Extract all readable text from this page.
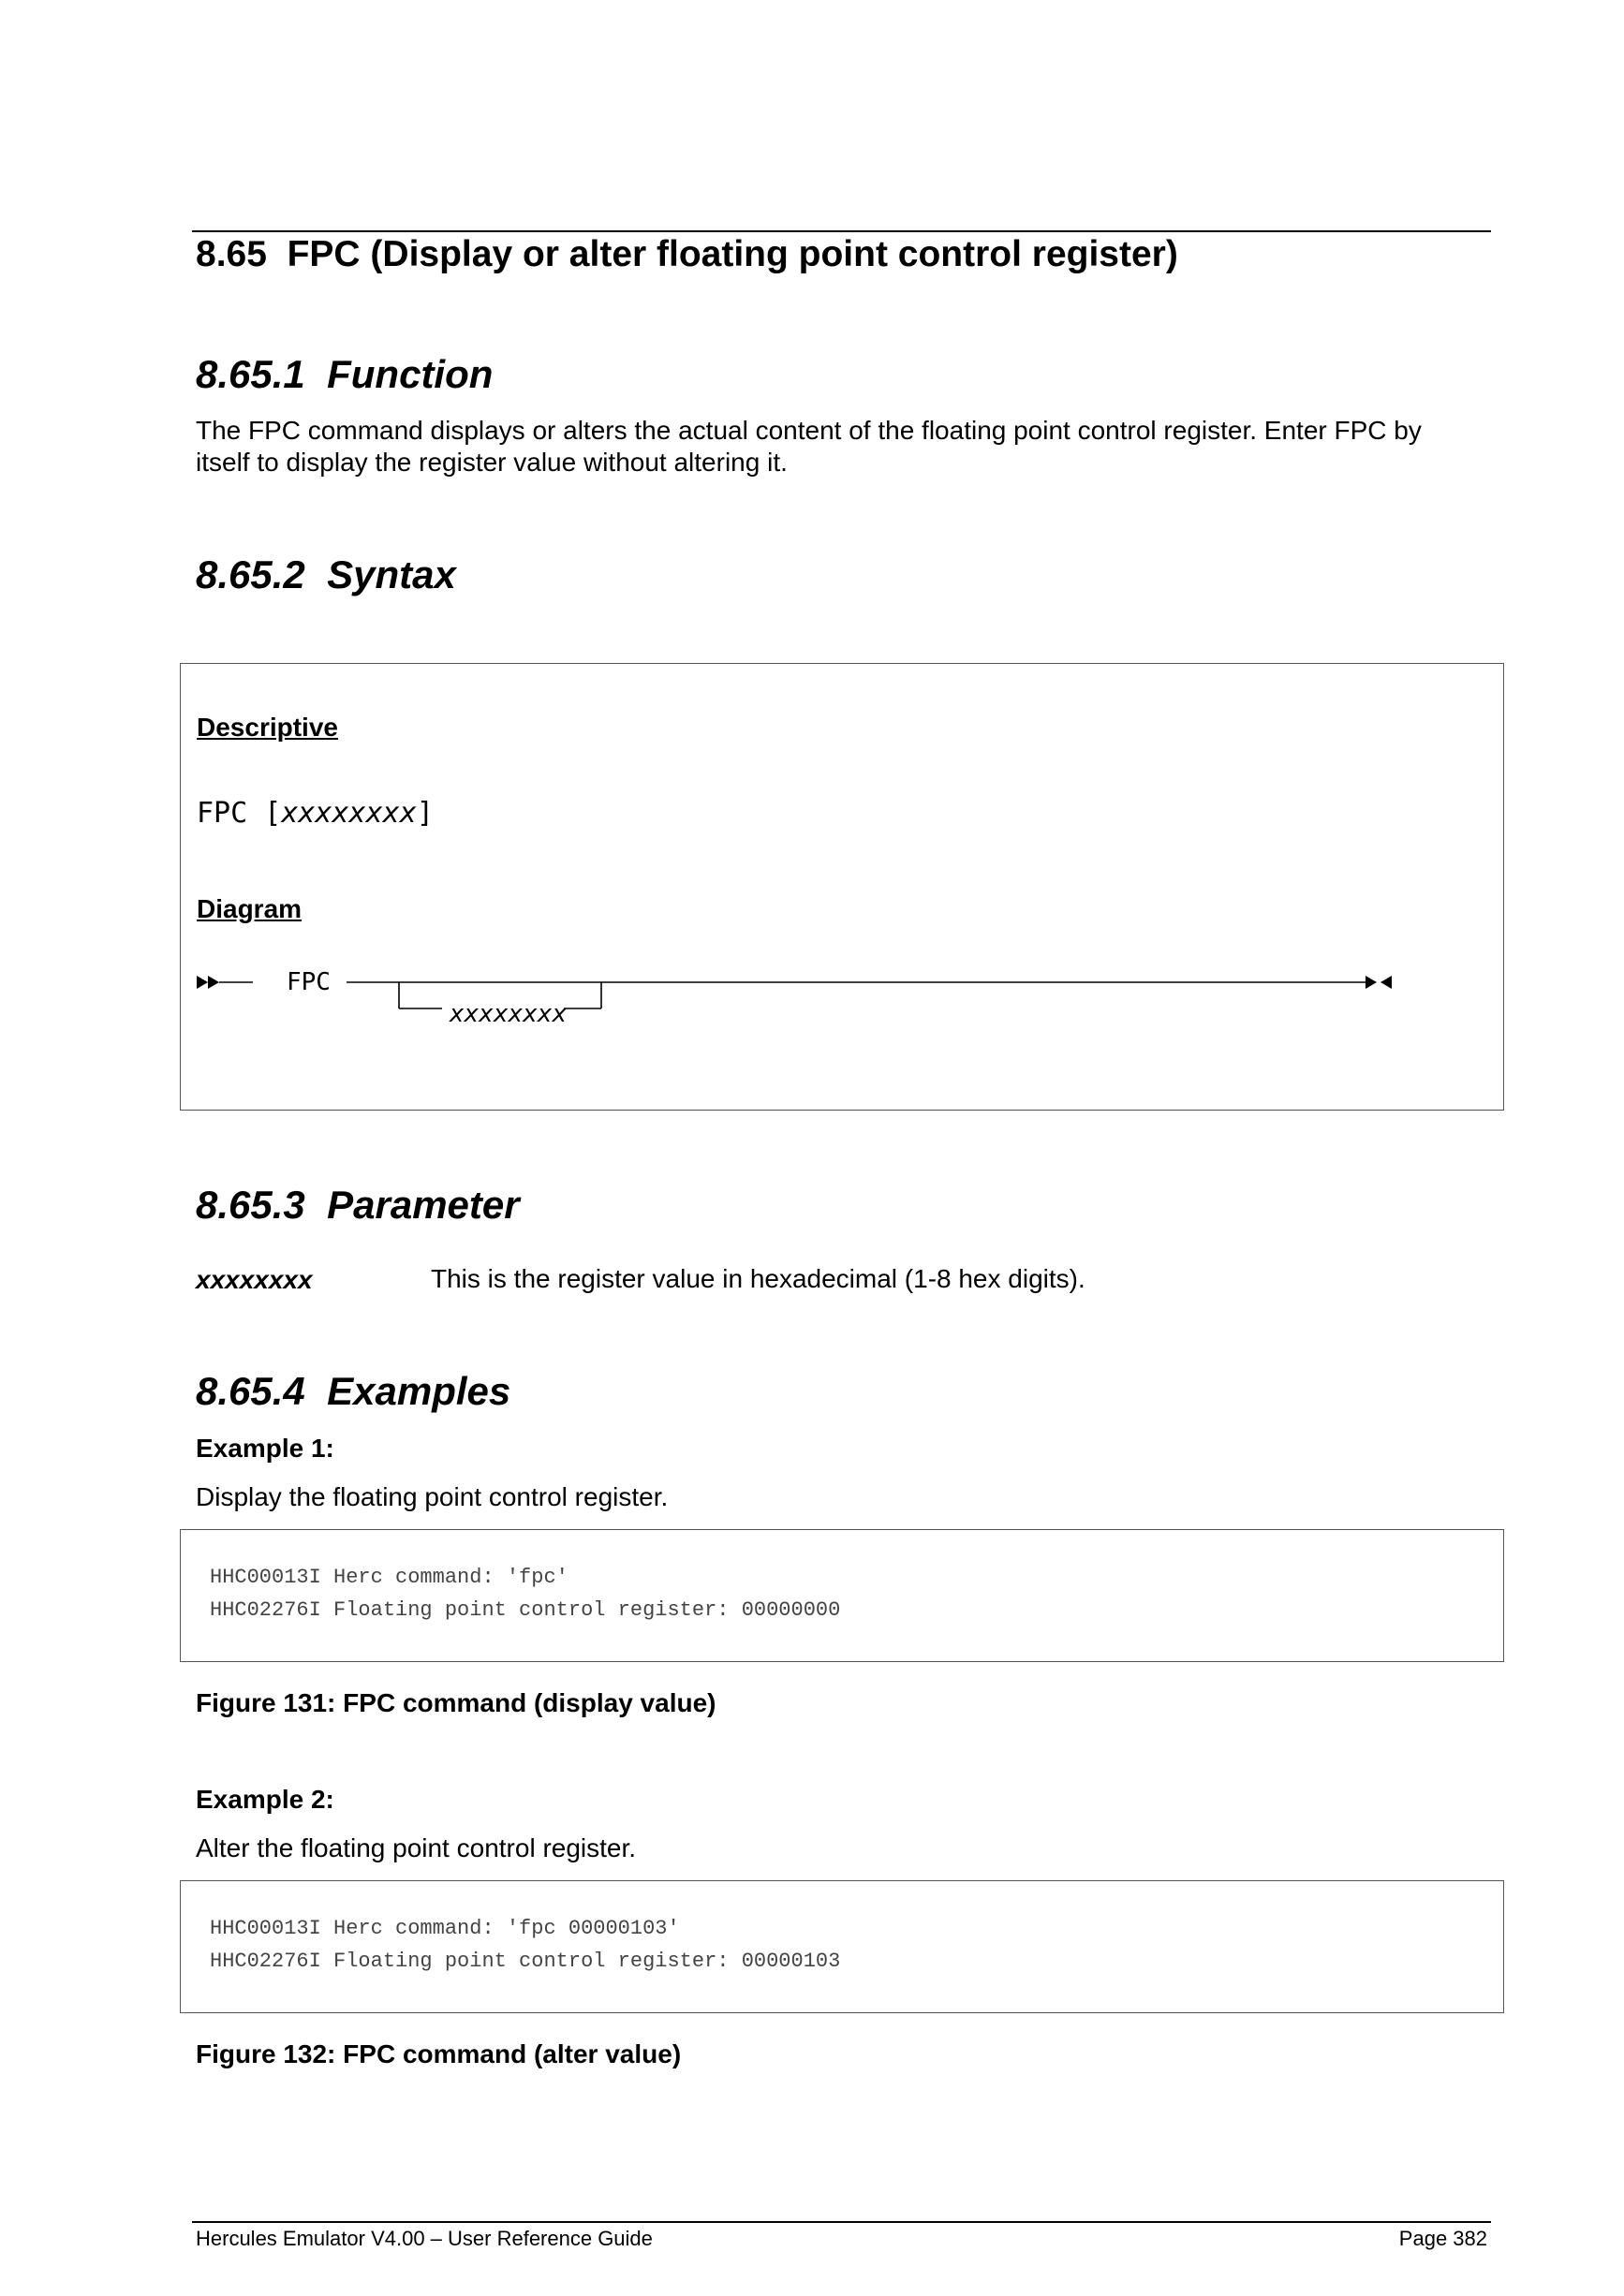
8.65 FPC (Display or alter floating point control register)
8.65.1 Function
The FPC command displays or alters the actual content of the floating point control register. Enter FPC by itself to display the register value without altering it.
8.65.2 Syntax
Descriptive
FPC [xxxxxxxx]
Diagram
FPC
xxxxxxxx
8.65.3 Parameter
xxxxxxxx	This is the register value in hexadecimal (1-8 hex digits).
8.65.4 Examples
Example 1:
Display the floating point control register.
HHC00013I Herc command: 'fpc'
HHC02276I Floating point control register: 00000000
Figure 131: FPC command (display value)
Example 2:
Alter the floating point control register.
HHC00013I Herc command: 'fpc 00000103'
HHC02276I Floating point control register: 00000103
Figure 132: FPC command (alter value)
Hercules Emulator V4.00 – User Reference Guide	Page 382
